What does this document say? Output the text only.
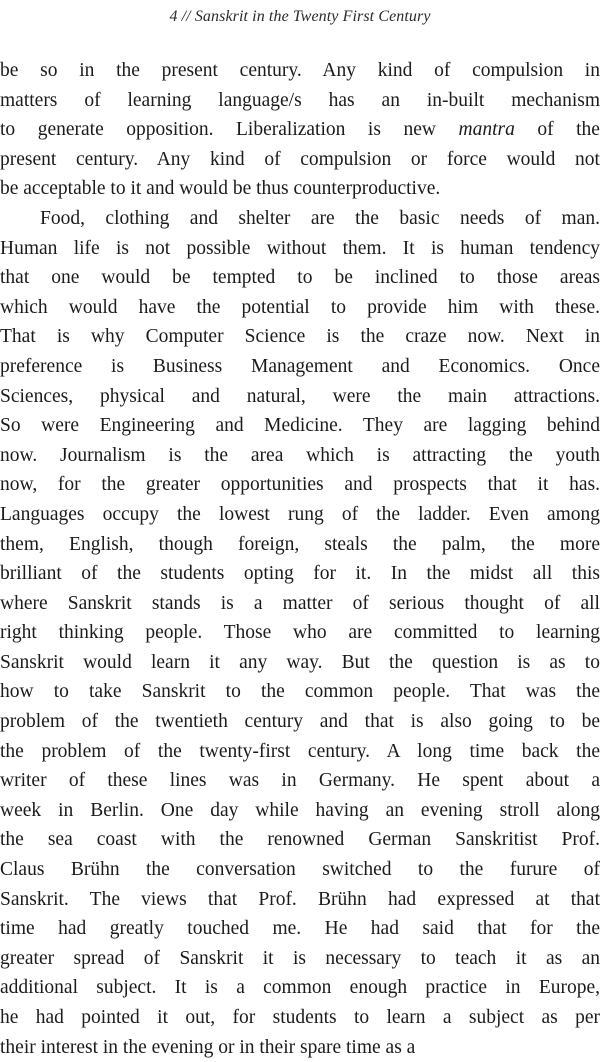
4 // Sanskrit in the Twenty First Century
be so in the present century. Any kind of compulsion in
matters of learning language/s has an in-built mechanism
to generate opposition. Liberalization is new mantra of the
present century. Any kind of compulsion or force would not
be acceptable to it and would be thus counterproductive.
Food, clothing and shelter are the basic needs of man.
Human life is not possible without them. It is human tendency
that one would be tempted to be inclined to those areas
which would have the potential to provide him with these.
That is why Computer Science is the craze now. Next in
preference is Business Management and Economics. Once
Sciences, physical and natural, were the main attractions.
So were Engineering and Medicine. They are lagging behind
now. Journalism is the area which is attracting the youth
now, for the greater opportunities and prospects that it has.
Languages occupy the lowest rung of the ladder. Even among
them, English, though foreign, steals the palm, the more
brilliant of the students opting for it. In the midst all this
where Sanskrit stands is a matter of serious thought of all
right thinking people. Those who are committed to learning
Sanskrit would learn it any way. But the question is as to
how to take Sanskrit to the common people. That was the
problem of the twentieth century and that is also going to be
the problem of the twenty-first century. A long time back the
writer of these lines was in Germany. He spent about a
week in Berlin. One day while having an evening stroll along
the sea coast with the renowned German Sanskritist Prof.
Claus Brühn the conversation switched to the furure of
Sanskrit. The views that Prof. Brühn had expressed at that
time had greatly touched me. He had said that for the
greater spread of Sanskrit it is necessary to teach it as an
additional subject. It is a common enough practice in Europe,
he had pointed it out, for students to learn a subject as per
their interest in the evening or in their spare time as a
